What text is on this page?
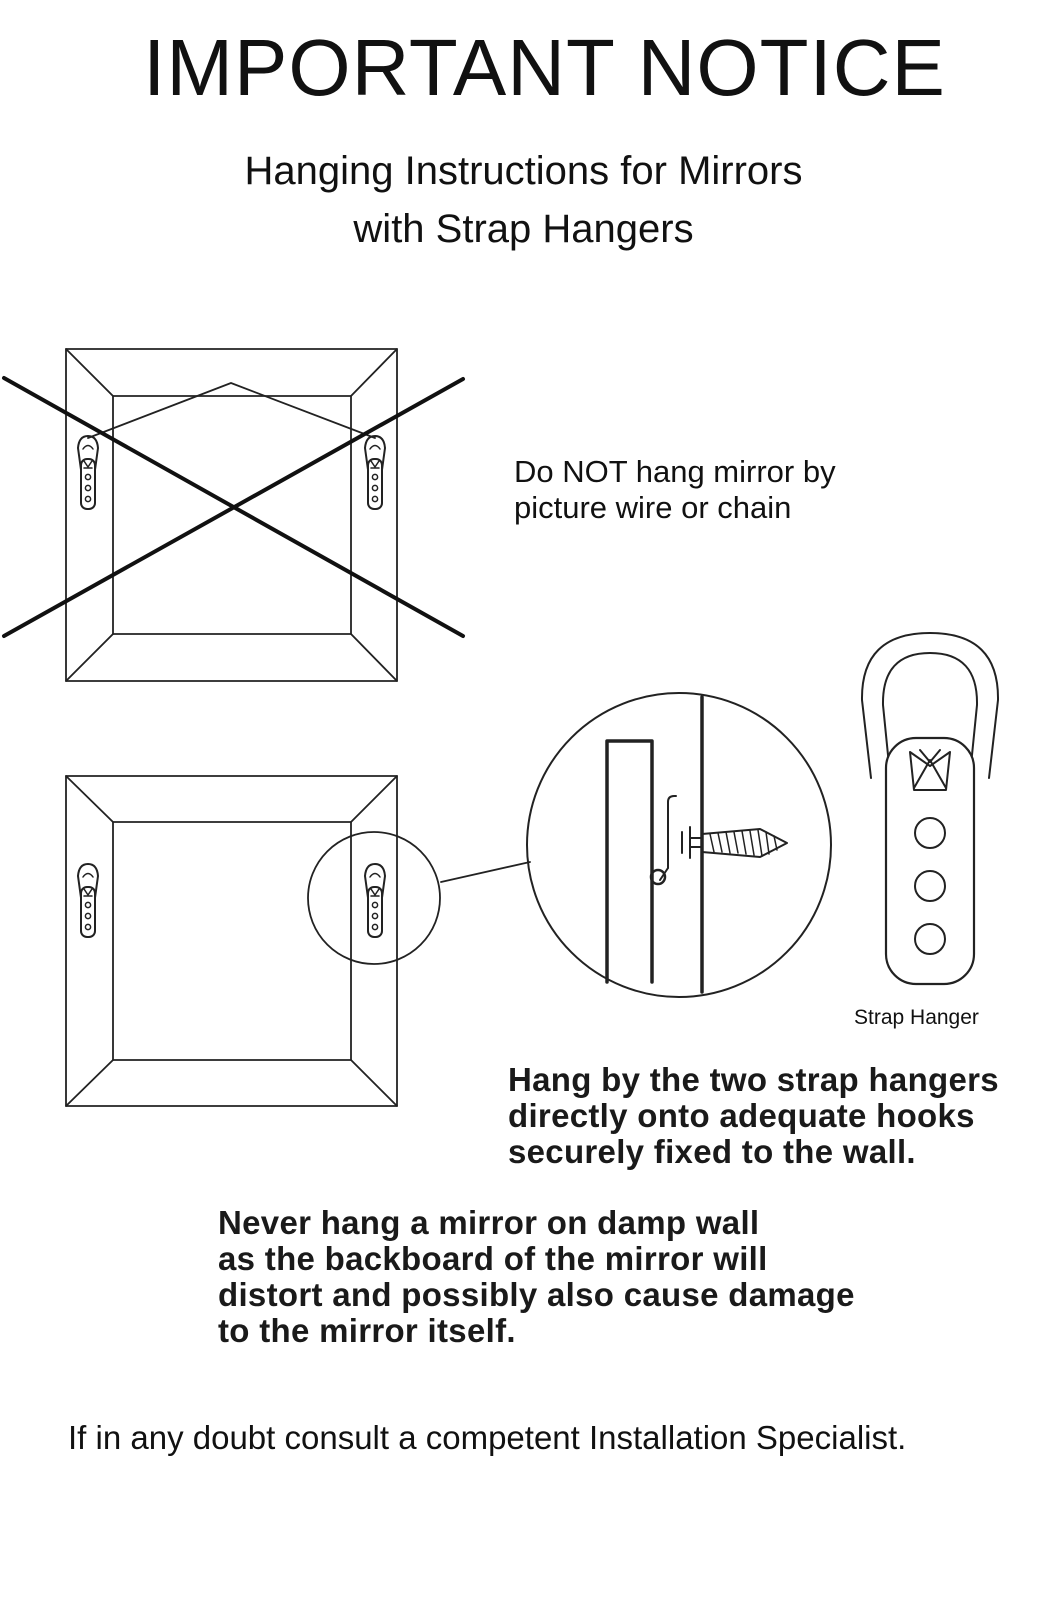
IMPORTANT NOTICE
Hanging Instructions for Mirrors
with Strap Hangers
Do NOT hang mirror by
picture wire or chain
Strap Hanger
Hang by the two strap hangers
directly onto adequate hooks
securely fixed to the wall.
Never hang a mirror on damp wall
as the backboard of the mirror will
distort and possibly also cause damage
to the mirror itself.
If in any doubt consult a competent Installation Specialist.
